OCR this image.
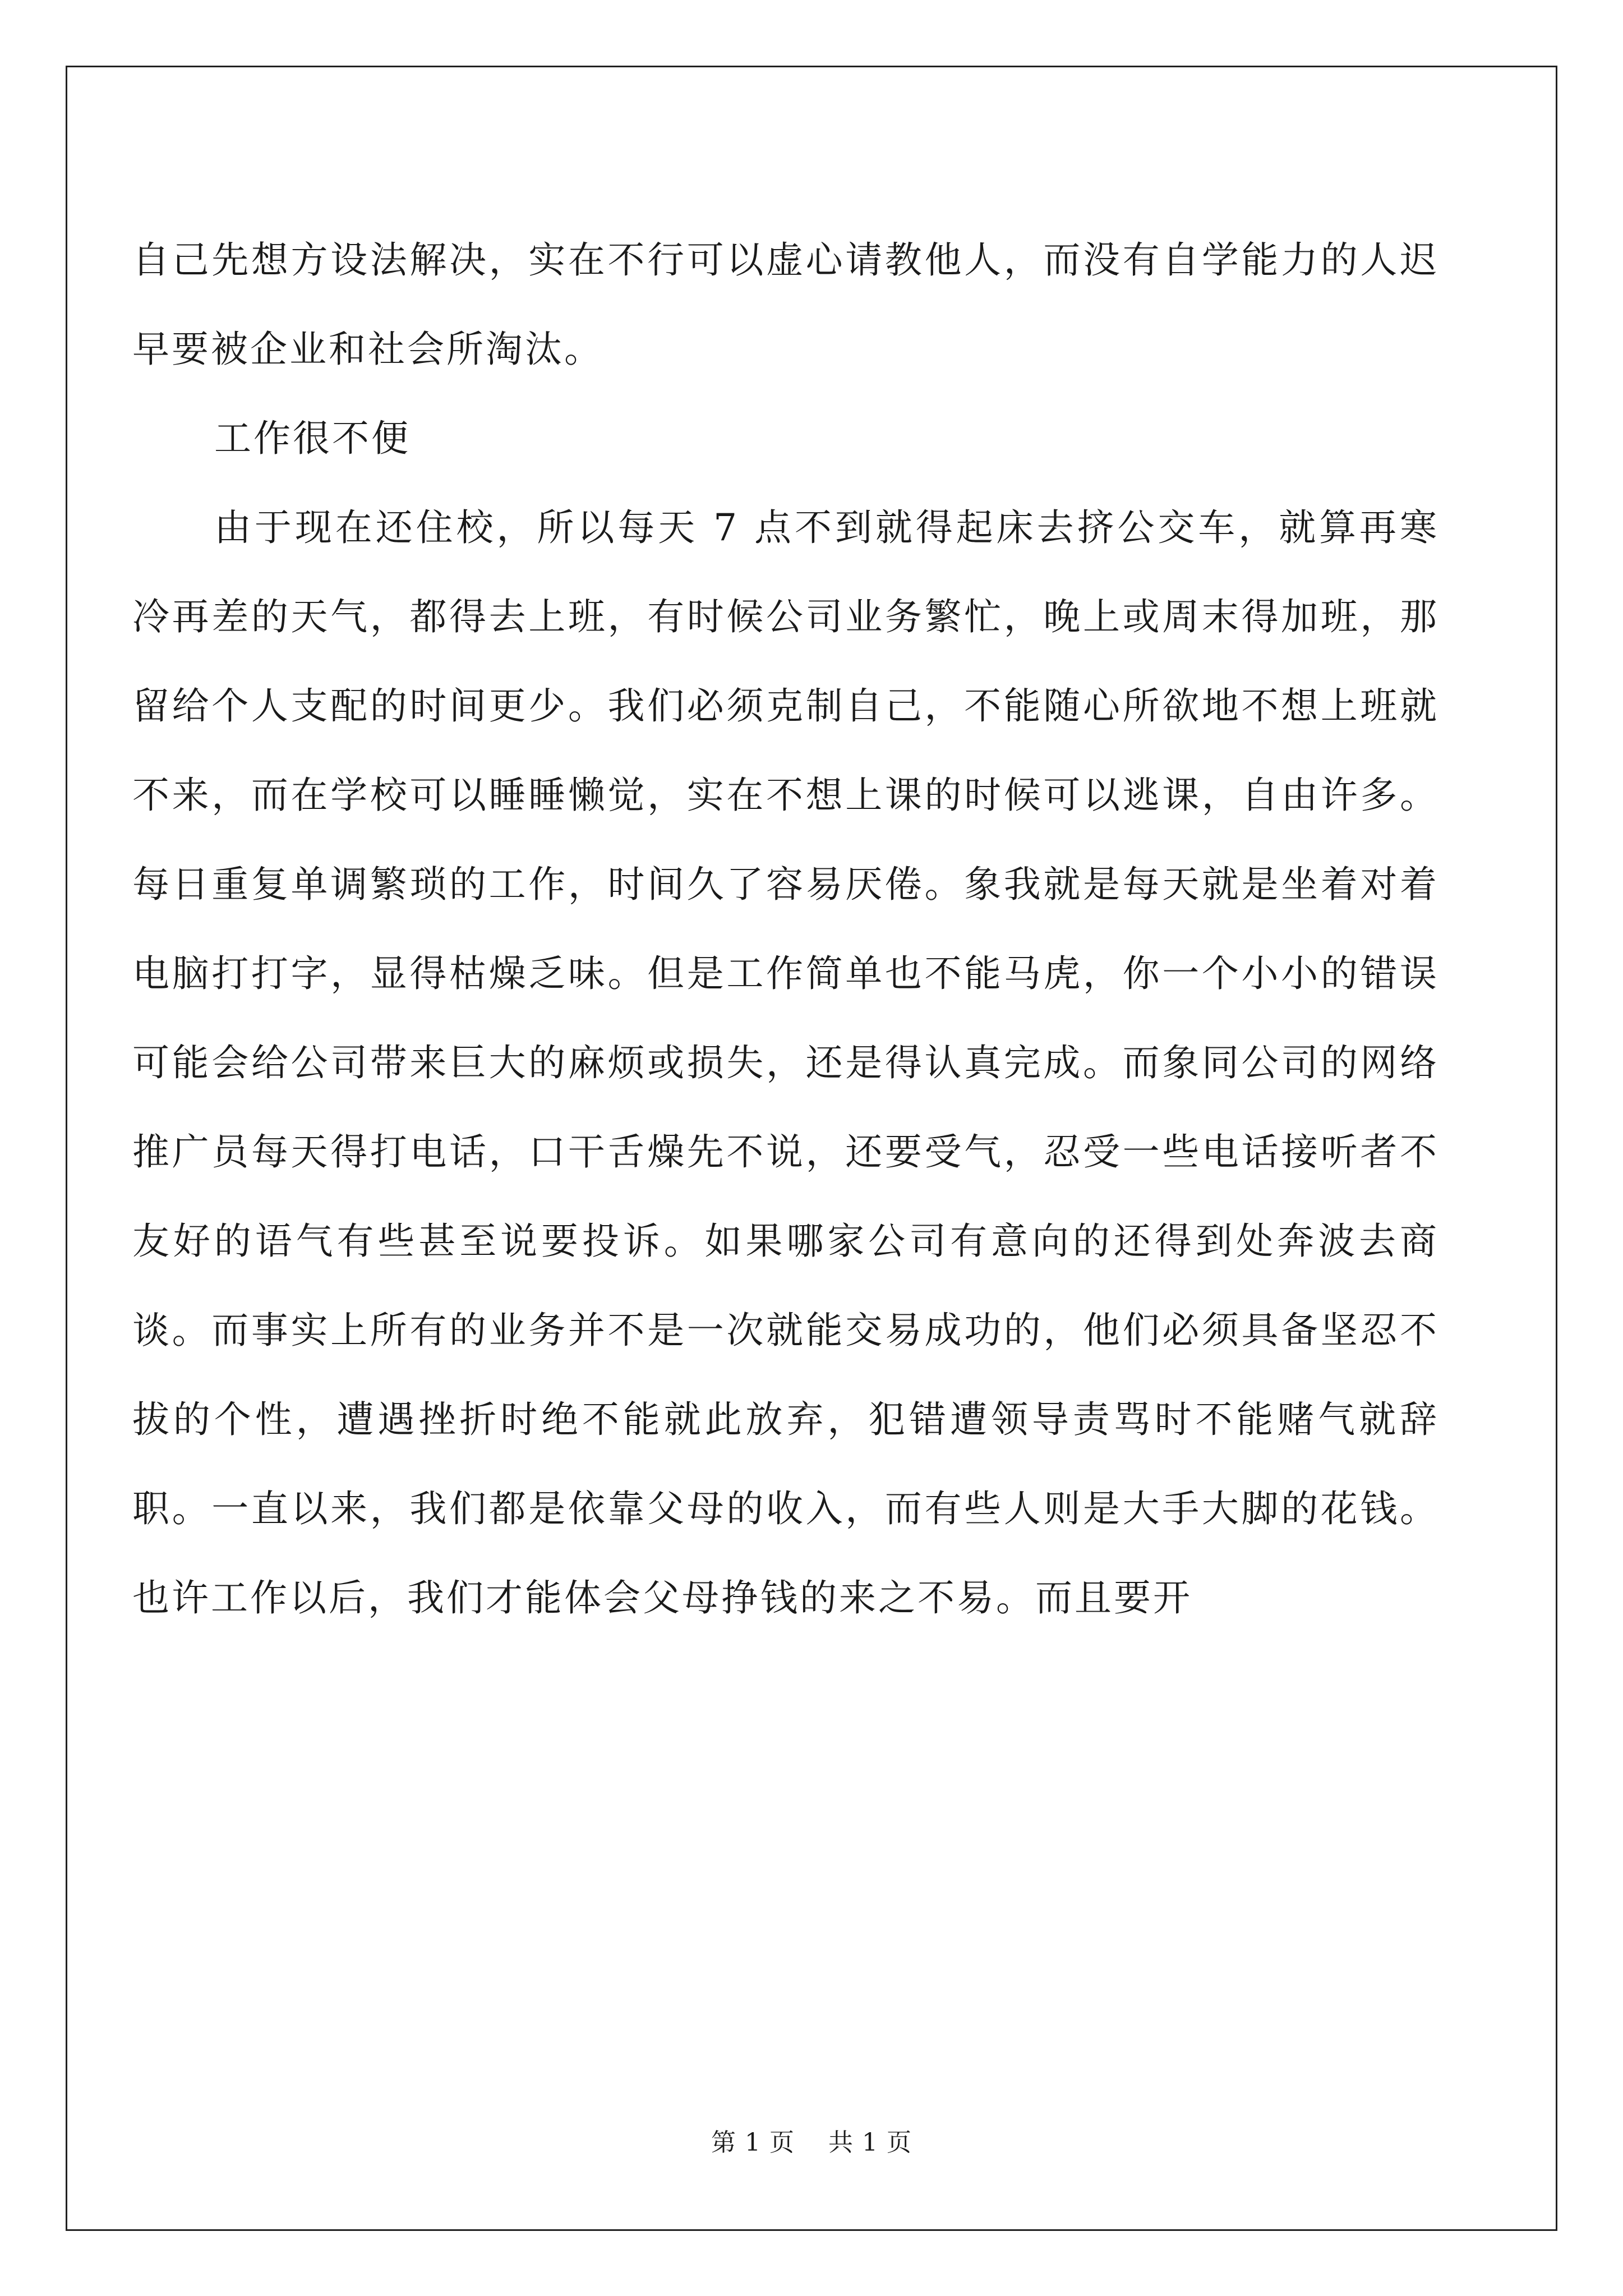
自己先想方设法解决，实在不行可以虚心请教他人，而没有自学能力的人迟早要被企业和社会所淘汰。

工作很不便

由于现在还住校，所以每天 7 点不到就得起床去挤公交车，就算再寒冷再差的天气，都得去上班，有时候公司业务繁忙，晚上或周末得加班，那留给个人支配的时间更少。我们必须克制自己，不能随心所欲地不想上班就不来，而在学校可以睡睡懒觉，实在不想上课的时候可以逃课，自由许多。每日重复单调繁琐的工作，时间久了容易厌倦。象我就是每天就是坐着对着电脑打打字，显得枯燥乏味。但是工作简单也不能马虎，你一个小小的错误可能会给公司带来巨大的麻烦或损失，还是得认真完成。而象同公司的网络推广员每天得打电话，口干舌燥先不说，还要受气，忍受一些电话接听者不友好的语气有些甚至说要投诉。如果哪家公司有意向的还得到处奔波去商谈。而事实上所有的业务并不是一次就能交易成功的，他们必须具备坚忍不拔的个性，遭遇挫折时绝不能就此放弃，犯错遭领导责骂时不能赌气就辞职。一直以来，我们都是依靠父母的收入，而有些人则是大手大脚的花钱。也许工作以后，我们才能体会父母挣钱的来之不易。而且要开

第 1 页 共 1 页
